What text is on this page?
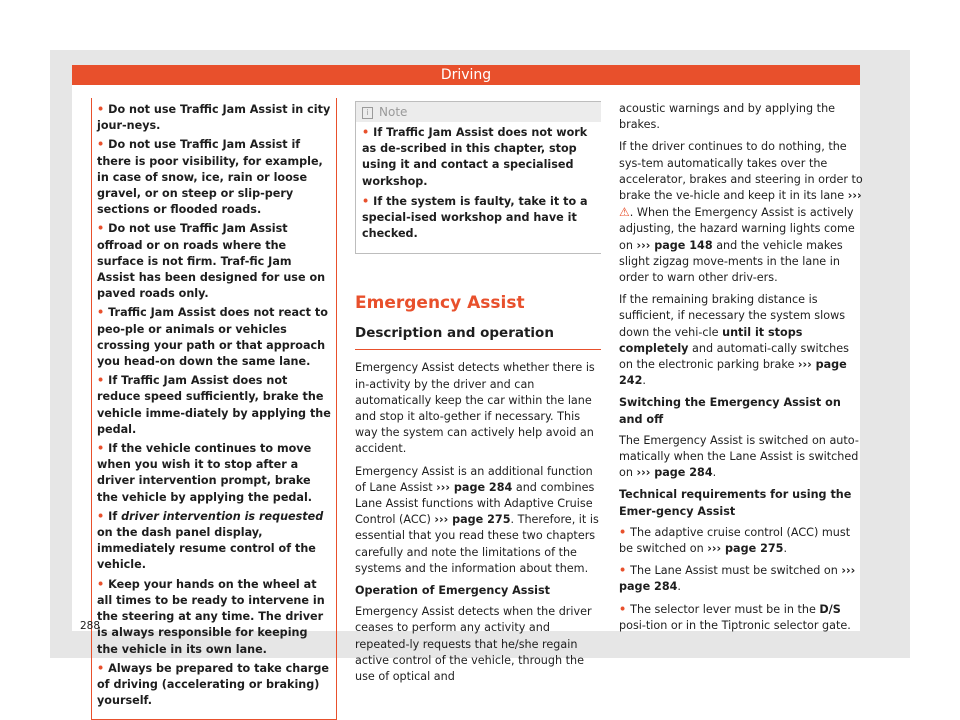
Driving
• Do not use Traffic Jam Assist in city jour-neys.
• Do not use Traffic Jam Assist if there is poor visibility, for example, in case of snow, ice, rain or loose gravel, or on steep or slip-pery sections or flooded roads.
• Do not use Traffic Jam Assist offroad or on roads where the surface is not firm. Traf-fic Jam Assist has been designed for use on paved roads only.
• Traffic Jam Assist does not react to peo-ple or animals or vehicles crossing your path or that approach you head-on down the same lane.
• If Traffic Jam Assist does not reduce speed sufficiently, brake the vehicle imme-diately by applying the pedal.
• If the vehicle continues to move when you wish it to stop after a driver intervention prompt, brake the vehicle by applying the pedal.
• If driver intervention is requested on the dash panel display, immediately resume control of the vehicle.
• Keep your hands on the wheel at all times to be ready to intervene in the steering at any time. The driver is always responsible for keeping the vehicle in its own lane.
• Always be prepared to take charge of driving (accelerating or braking) yourself.
i Note
• If Traffic Jam Assist does not work as de-scribed in this chapter, stop using it and contact a specialised workshop.
• If the system is faulty, take it to a special-ised workshop and have it checked.
Emergency Assist
Description and operation

Emergency Assist detects whether there is in-activity by the driver and can automatically keep the car within the lane and stop it alto-gether if necessary. This way the system can actively help avoid an accident.

Emergency Assist is an additional function of Lane Assist ››› page 284 and combines Lane Assist functions with Adaptive Cruise Control (ACC) ››› page 275. Therefore, it is essential that you read these two chapters carefully and note the limitations of the systems and the information about them.

Operation of Emergency Assist

Emergency Assist detects when the driver ceases to perform any activity and repeated-ly requests that he/she regain active control of the vehicle, through the use of optical and

acoustic warnings and by applying the brakes.

If the driver continues to do nothing, the sys-tem automatically takes over the accelerator, brakes and steering in order to brake the ve-hicle and keep it in its lane ››› ⚠. When the Emergency Assist is actively adjusting, the hazard warning lights come on ››› page 148 and the vehicle makes slight zigzag move-ments in the lane in order to warn other driv-ers.

If the remaining braking distance is sufficient, if necessary the system slows down the vehi-cle until it stops completely and automati-cally switches on the electronic parking brake ››› page 242.

Switching the Emergency Assist on and off

The Emergency Assist is switched on auto-matically when the Lane Assist is switched on ››› page 284.

Technical requirements for using the Emer-gency Assist

• The adaptive cruise control (ACC) must be switched on ››› page 275.

• The Lane Assist must be switched on ››› page 284.

• The selector lever must be in the D/S posi-tion or in the Tiptronic selector gate.

288
